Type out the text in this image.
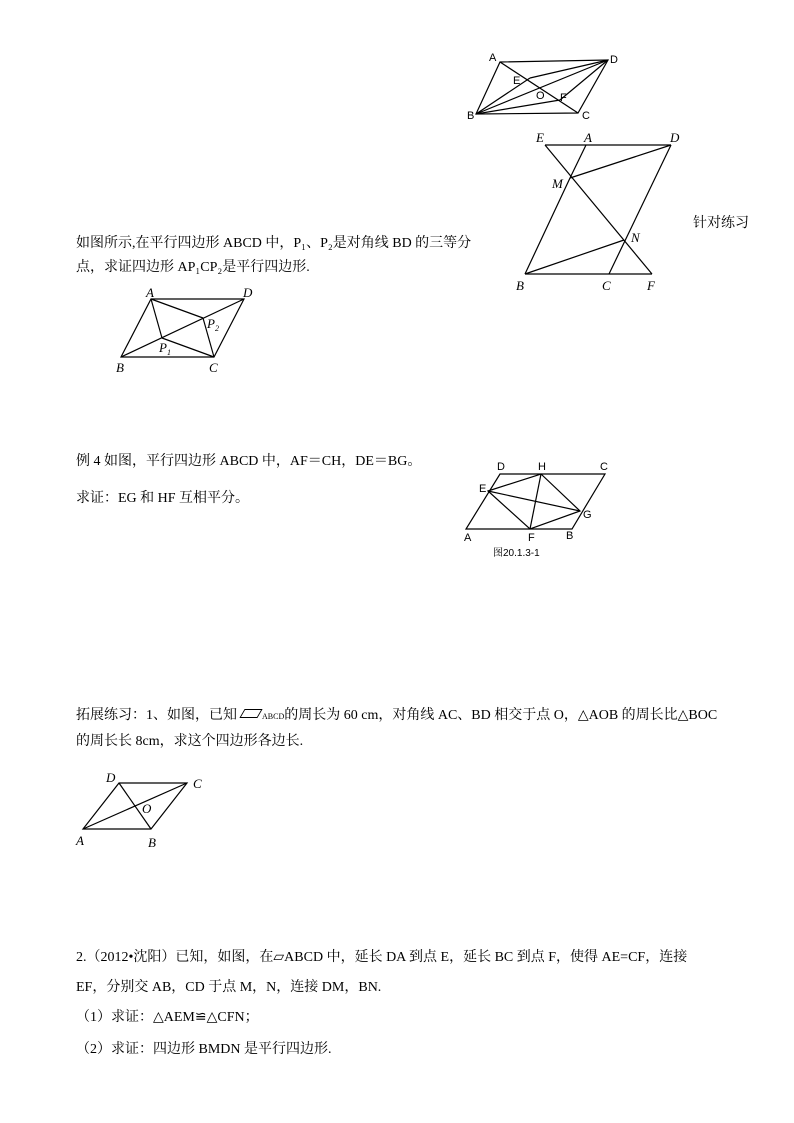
A	D
E
O F
B	C
E	A	D
M
N
B	C	F
针对练习
如图所示,在平行四边形 ABCD 中，P₁、P₂是对角线 BD 的三等分
点，求证四边形 AP₁CP₂是平行四边形.
A	D
$P_2$
$P_1$
B	C
例 4 如图，平行四边形 ABCD 中，AF＝CH，DE＝BG。
求证：EG 和 HF 互相平分。
D	H	C
E
G
A	F	B
图20.1.3-1
拓展练习：1、如图，已知	ABCD的周长为 60 cm，对角线 AC、BD 相交于点 O，△AOB 的周长比△BOC
的周长长 8cm，求这个四边形各边长.
D	C
O
A	B
2.（2012•沈阳）已知，如图，在▱ABCD 中，延长 DA 到点 E，延长 BC 到点 F，使得 AE=CF，连接
EF，分别交 AB，CD 于点 M，N，连接 DM，BN.
（1）求证：△AEM≌△CFN；
（2）求证：四边形 BMDN 是平行四边形.
